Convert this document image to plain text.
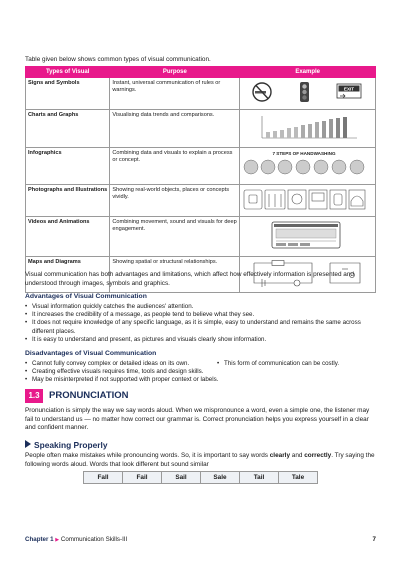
Table given below shows common types of visual communication.
Types of Visual	Purpose	Example
Signs and Symbols	Instant, universal communication of rules or warnings.	EXIT

Charts and Graphs	Visualising data trends and comparisons.	
Infographics	Combining data and visuals to explain a process or concept.	7 STEPS OF HANDWASHING

Photographs and Illustrations	Showing real-world objects, places or concepts vividly.	
Videos and Animations	Combining movement, sound and visuals for deep engagement.	
Maps and Diagrams	Showing spatial or structural relationships.	
Visual communication has both advantages and limitations, which affect how effectively information is presented and understood through images, symbols and graphics.
Advantages of Visual Communication
• Visual information quickly catches the audiences' attention.
• It increases the credibility of a message, as people tend to believe what they see.
• It does not require knowledge of any specific language, as it is simple, easy to understand and remains the same across different places.
• It is easy to understand and present, as pictures and visuals clearly show information.
Disadvantages of Visual Communication
• Cannot fully convey complex or detailed ideas on its own.	• This form of communication can be costly.
• Creating effective visuals requires time, tools and design skills.
• May be misinterpreted if not supported with proper context or labels.
1.3 PRONUNCIATION
Pronunciation is simply the way we say words aloud. When we mispronounce a word, even a simple one, the listener may fail to understand us — no matter how correct our grammar is. Correct pronunciation helps you express yourself in a clear and confident manner.
Speaking Properly
People often make mistakes while pronouncing words. So, it is important to say words clearly and correctly. Try saying the following words aloud. Words that look different but sound similar
Fall	Fail	Sail	Sale	Tail	Tale
Chapter 1 ▶ Communication Skills-III	7
